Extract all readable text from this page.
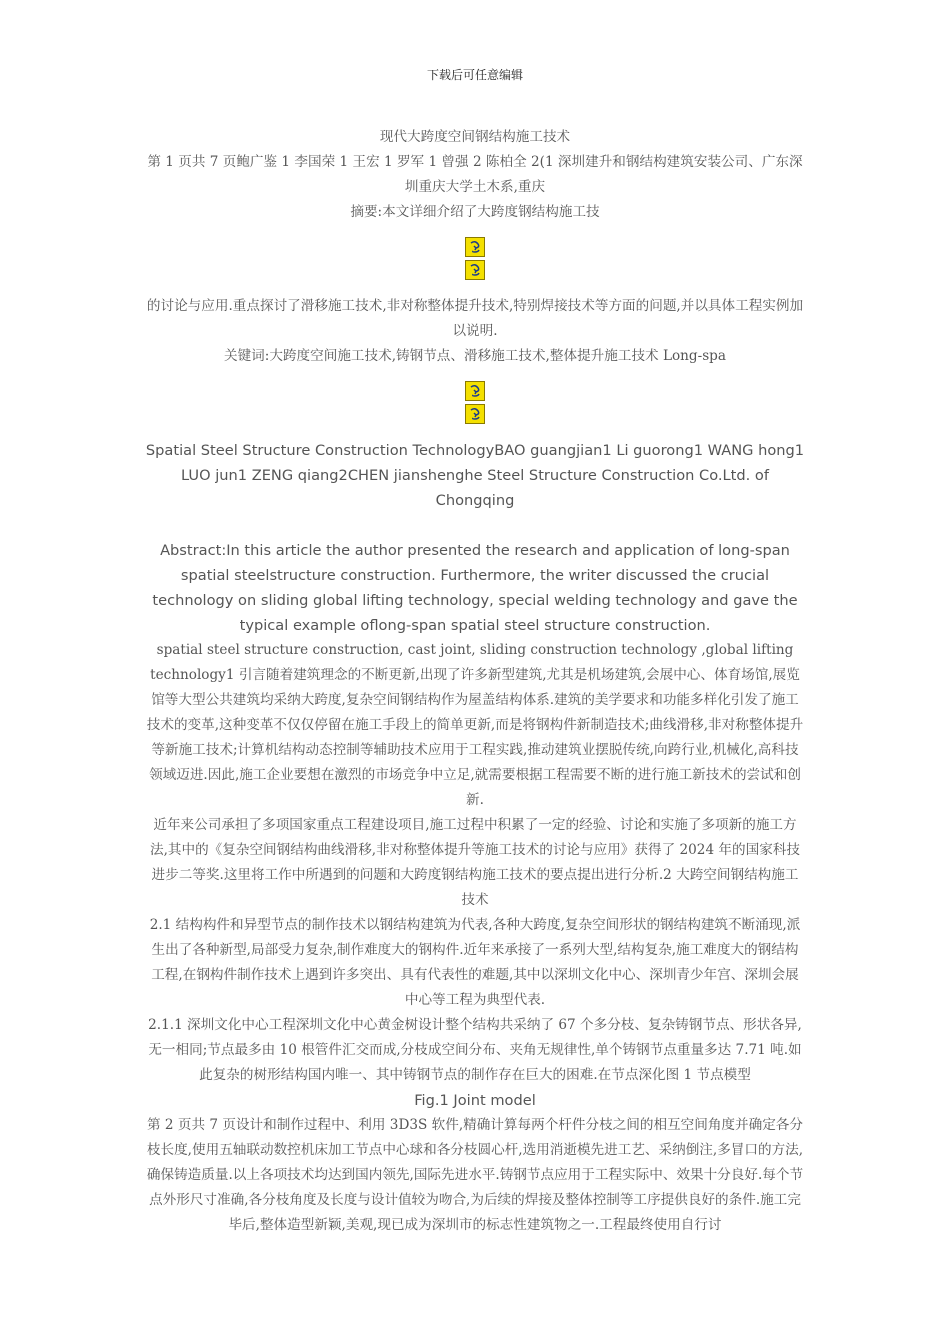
下载后可任意编辑

现代大跨度空间钢结构施工技术

第 1 页共 7 页鲍广鉴 1 李国荣 1 王宏 1 罗军 1 曾强 2 陈柏全 2(1 深圳建升和钢结构建筑安装公司、广东深圳重庆大学土木系,重庆

摘要:本文详细介绍了大跨度钢结构施工技

的讨论与应用.重点探讨了滑移施工技术,非对称整体提升技术,特别焊接技术等方面的问题,并以具体工程实例加以说明.

关键词:大跨度空间施工技术,铸钢节点、滑移施工技术,整体提升施工技术 Long-spa

Spatial Steel Structure Construction TechnologyBAO guangjian1 Li guorong1 WANG hong1 LUO jun1 ZENG qiang2CHEN jianshenghe Steel Structure Construction Co.Ltd. of Chongqing

Abstract:In this article the author presented the research and application of long-span spatial steelstructure construction. Furthermore, the writer discussed the crucial technology on sliding global lifting technology, special welding technology and gave the typical example oflong-span spatial steel structure construction.

spatial steel structure construction, cast joint, sliding construction technology ,global lifting technology1 引言随着建筑理念的不断更新,出现了许多新型建筑,尤其是机场建筑,会展中心、体育场馆,展览馆等大型公共建筑均采纳大跨度,复杂空间钢结构作为屋盖结构体系.建筑的美学要求和功能多样化引发了施工技术的变革,这种变革不仅仅停留在施工手段上的简单更新,而是将钢构件新制造技术;曲线滑移,非对称整体提升等新施工技术;计算机结构动态控制等辅助技术应用于工程实践,推动建筑业摆脱传统,向跨行业,机械化,高科技领域迈进.因此,施工企业要想在激烈的市场竞争中立足,就需要根据工程需要不断的进行施工新技术的尝试和创新.

近年来公司承担了多项国家重点工程建设项目,施工过程中积累了一定的经验、讨论和实施了多项新的施工方法,其中的《复杂空间钢结构曲线滑移,非对称整体提升等施工技术的讨论与应用》获得了 2024 年的国家科技进步二等奖.这里将工作中所遇到的问题和大跨度钢结构施工技术的要点提出进行分析.2 大跨空间钢结构施工技术

2.1 结构构件和异型节点的制作技术以钢结构建筑为代表,各种大跨度,复杂空间形状的钢结构建筑不断涌现,派生出了各种新型,局部受力复杂,制作难度大的钢构件.近年来承接了一系列大型,结构复杂,施工难度大的钢结构工程,在钢构件制作技术上遇到许多突出、具有代表性的难题,其中以深圳文化中心、深圳青少年宫、深圳会展中心等工程为典型代表.

2.1.1 深圳文化中心工程深圳文化中心黄金树设计整个结构共采纳了 67 个多分枝、复杂铸钢节点、形状各异,无一相同;节点最多由 10 根管件汇交而成,分枝成空间分布、夹角无规律性,单个铸钢节点重量多达 7.71 吨.如此复杂的树形结构国内唯一、其中铸钢节点的制作存在巨大的困难.在节点深化图 1 节点模型

Fig.1 Joint model

第 2 页共 7 页设计和制作过程中、利用 3D3S 软件,精确计算每两个杆件分枝之间的相互空间角度并确定各分枝长度,使用五轴联动数控机床加工节点中心球和各分枝圆心杆,选用消逝模先进工艺、采纳倒注,多冒口的方法,确保铸造质量.以上各项技术均达到国内领先,国际先进水平.铸钢节点应用于工程实际中、效果十分良好.每个节点外形尺寸准确,各分枝角度及长度与设计值较为吻合,为后续的焊接及整体控制等工序提供良好的条件.施工完毕后,整体造型新颖,美观,现已成为深圳市的标志性建筑物之一.工程最终使用自行讨
